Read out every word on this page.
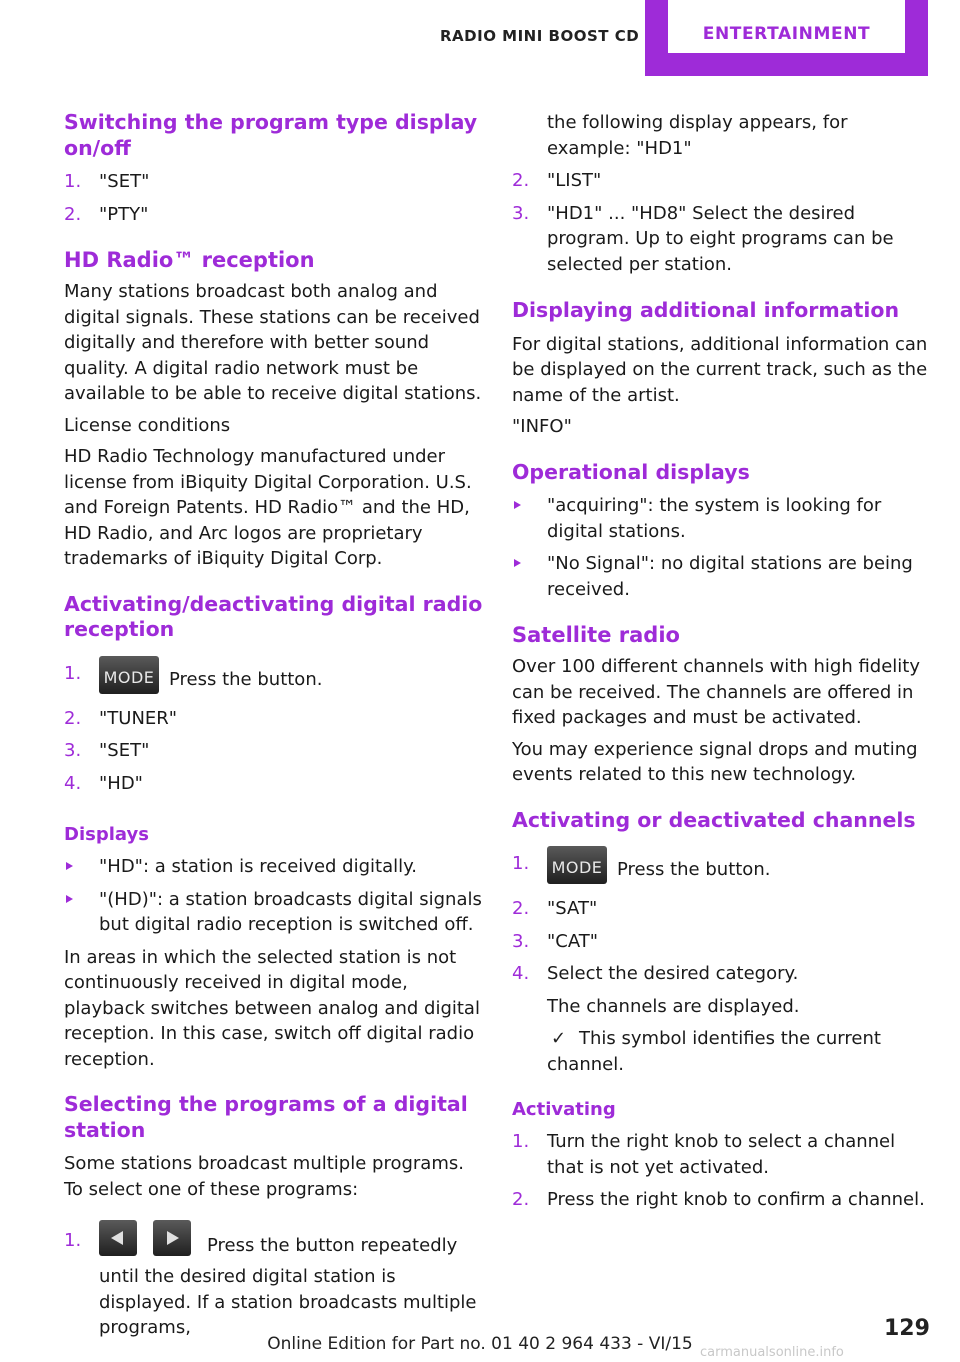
RADIO MINI BOOST CD	ENTERTAINMENT
Switching the program type display on/off
1. "SET"
2. "PTY"
HD Radio™ reception
Many stations broadcast both analog and digital signals. These stations can be received digitally and therefore with better sound quality. A digital radio network must be available to be able to receive digital stations.
License conditions
HD Radio Technology manufactured under license from iBiquity Digital Corporation. U.S. and Foreign Patents. HD Radio™ and the HD, HD Radio, and Arc logos are proprietary trademarks of iBiquity Digital Corp.
Activating/deactivating digital radio reception
1. MODE Press the button.
2. "TUNER"
3. "SET"
4. "HD"
Displays
"HD": a station is received digitally.
"(HD)": a station broadcasts digital signals but digital radio reception is switched off.
In areas in which the selected station is not continuously received in digital mode, playback switches between analog and digital reception. In this case, switch off digital radio reception.
Selecting the programs of a digital station
Some stations broadcast multiple programs. To select one of these programs:
1.	Press the button repeatedly until the desired digital station is displayed. If a station broadcasts multiple programs,
the following display appears, for example: "HD1"
2. "LIST"
3. "HD1" ... "HD8" Select the desired program. Up to eight programs can be selected per station.
Displaying additional information
For digital stations, additional information can be displayed on the current track, such as the name of the artist.
"INFO"
Operational displays
"acquiring": the system is looking for digital stations.
"No Signal": no digital stations are being received.
Satellite radio
Over 100 different channels with high fidelity can be received. The channels are offered in fixed packages and must be activated.
You may experience signal drops and muting events related to this new technology.
Activating or deactivated channels
1. MODE Press the button.
2. "SAT"
3. "CAT"
4. Select the desired category.
The channels are displayed.
✓ This symbol identifies the current channel.
Activating
1. Turn the right knob to select a channel that is not yet activated.
2. Press the right knob to confirm a channel.
129
Online Edition for Part no. 01 40 2 964 433 - VI/15 carmanualsonline.info
